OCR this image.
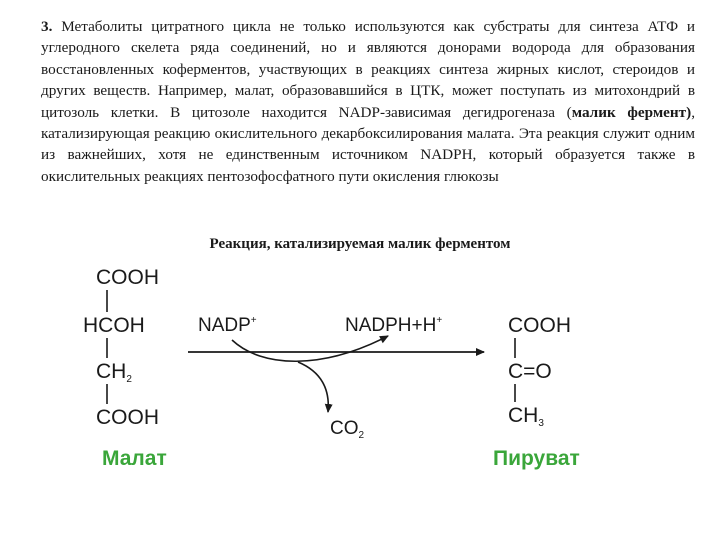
3. Метаболиты цитратного цикла не только используются как субстраты для синтеза АТФ и углеродного скелета ряда соединений, но и являются донорами водорода для образования восстановленных коферментов, участвующих в реакциях синтеза жирных кислот, стероидов и других веществ. Например, малат, образовавшийся в ЦТК, может поступать из митохондрий в цитозоль клетки. В цитозоле находится NADP-зависимая дегидрогеназа (малик фермент), катализирующая реакцию окислительного декарбоксилирования малата. Эта реакция служит одним из важнейших, хотя не единственным источником NADPH, который образуется также в окислительных реакциях пентозофосфатного пути окисления глюкозы
Реакция, катализируемая малик ферментом
COOH
HCOH
CH2
COOH
Малат
NADP+	NADPH+H+
$CO_2$
COOH
C=O
CH3
Пируват
